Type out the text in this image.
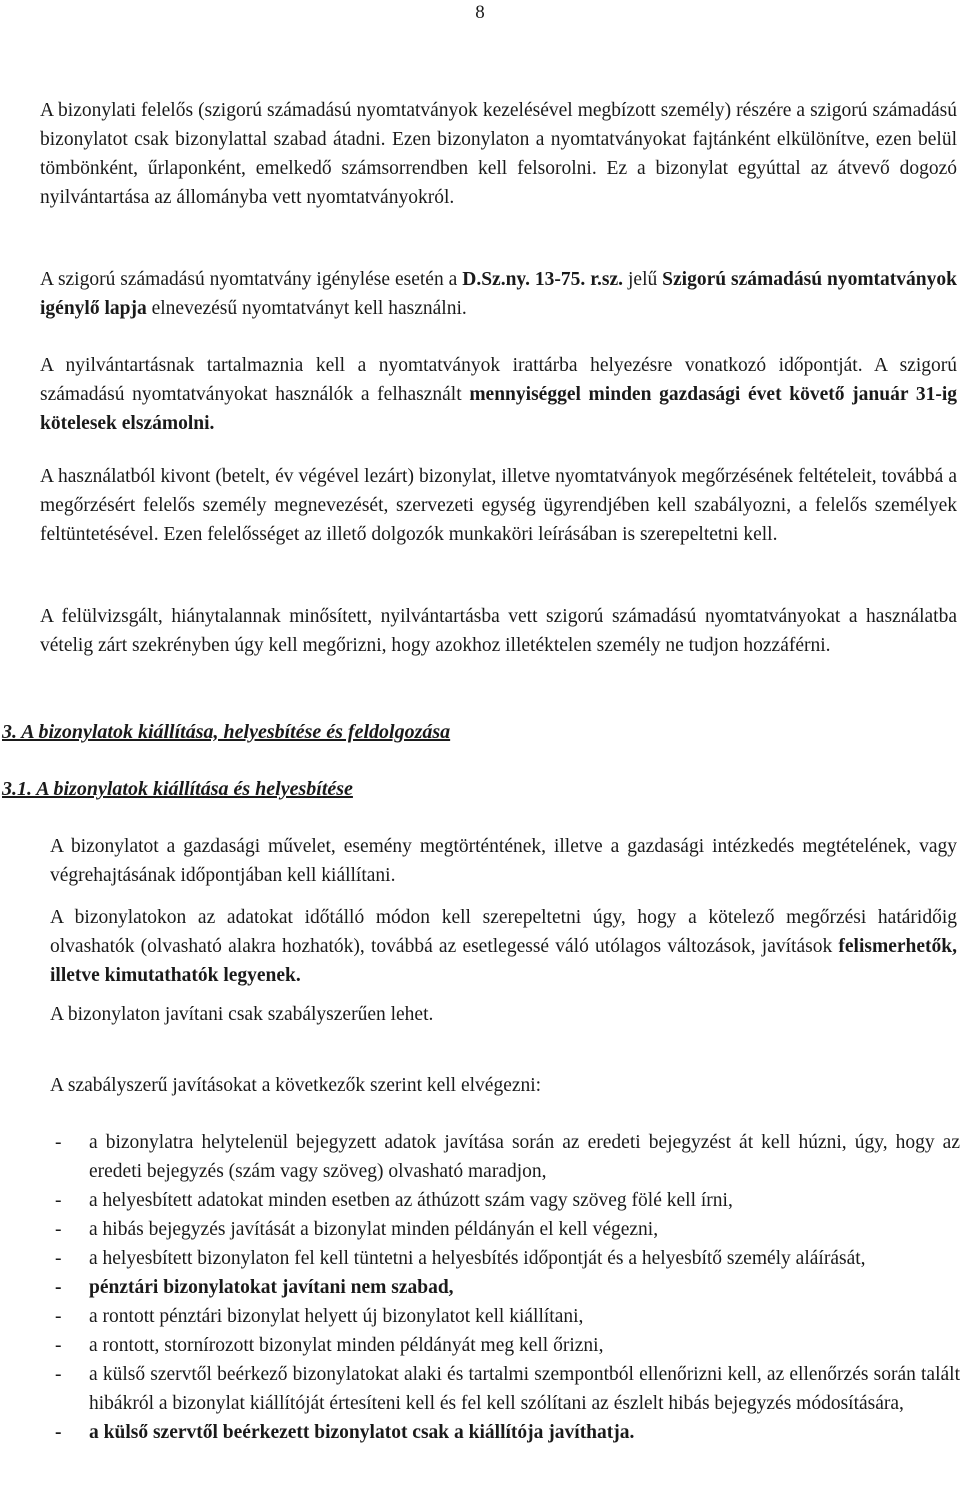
8

A bizonylati felelős (szigorú számadású nyomtatványok kezelésével megbízott személy) részére a szigorú számadású bizonylatot csak bizonylattal szabad átadni. Ezen bizonylaton a nyomtatványokat fajtánként elkülönítve, ezen belül tömbönként, űrlaponként, emelkedő számsorrendben kell felsorolni. Ez a bizonylat egyúttal az átvevő dogozó nyilvántartása az állományba vett nyomtatványokról.

A szigorú számadású nyomtatvány igénylése esetén a D.Sz.ny. 13-75. r.sz. jelű Szigorú számadású nyomtatványok igénylő lapja elnevezésű nyomtatványt kell használni.

A nyilvántartásnak tartalmaznia kell a nyomtatványok irattárba helyezésre vonatkozó időpontját. A szigorú számadású nyomtatványokat használók a felhasznált mennyiséggel minden gazdasági évet követő január 31-ig kötelesek elszámolni.

A használatból kivont (betelt, év végével lezárt) bizonylat, illetve nyomtatványok megőrzésének feltételeit, továbbá a megőrzésért felelős személy megnevezését, szervezeti egység ügyrendjében kell szabályozni, a felelős személyek feltüntetésével. Ezen felelősséget az illető dolgozók munkaköri leírásában is szerepeltetni kell.

A felülvizsgált, hiánytalannak minősített, nyilvántartásba vett szigorú számadású nyomtatványokat a használatba vételig zárt szekrényben úgy kell megőrizni, hogy azokhoz illetéktelen személy ne tudjon hozzáférni.

3. A bizonylatok kiállítása, helyesbítése és feldolgozása
3.1. A bizonylatok kiállítása és helyesbítése

A bizonylatot a gazdasági művelet, esemény megtörténtének, illetve a gazdasági intézkedés megtételének, vagy végrehajtásának időpontjában kell kiállítani.

A bizonylatokon az adatokat időtálló módon kell szerepeltetni úgy, hogy a kötelező megőrzési határidőig olvashatók (olvasható alakra hozhatók), továbbá az esetlegessé váló utólagos változások, javítások felismerhetők, illetve kimutathatók legyenek.

A bizonylaton javítani csak szabályszerűen lehet.

A szabályszerű javításokat a következők szerint kell elvégezni:

-
a bizonylatra helytelenül bejegyzett adatok javítása során az eredeti bejegyzést át kell húzni, úgy, hogy az eredeti bejegyzés (szám vagy szöveg) olvasható maradjon,
-
a helyesbített adatokat minden esetben az áthúzott szám vagy szöveg fölé kell írni,
-
a hibás bejegyzés javítását a bizonylat minden példányán el kell végezni,
-
a helyesbített bizonylaton fel kell tüntetni a helyesbítés időpontját és a helyesbítő személy aláírását,
-
pénztári bizonylatokat javítani nem szabad,
-
a rontott pénztári bizonylat helyett új bizonylatot kell kiállítani,
-
a rontott, stornírozott bizonylat minden példányát meg kell őrizni,
-
a külső szervtől beérkező bizonylatokat alaki és tartalmi szempontból ellenőrizni kell, az ellenőrzés során talált hibákról a bizonylat kiállítóját értesíteni kell és fel kell szólítani az észlelt hibás bejegyzés módosítására,
-
a külső szervtől beérkezett bizonylatot csak a kiállítója javíthatja.
